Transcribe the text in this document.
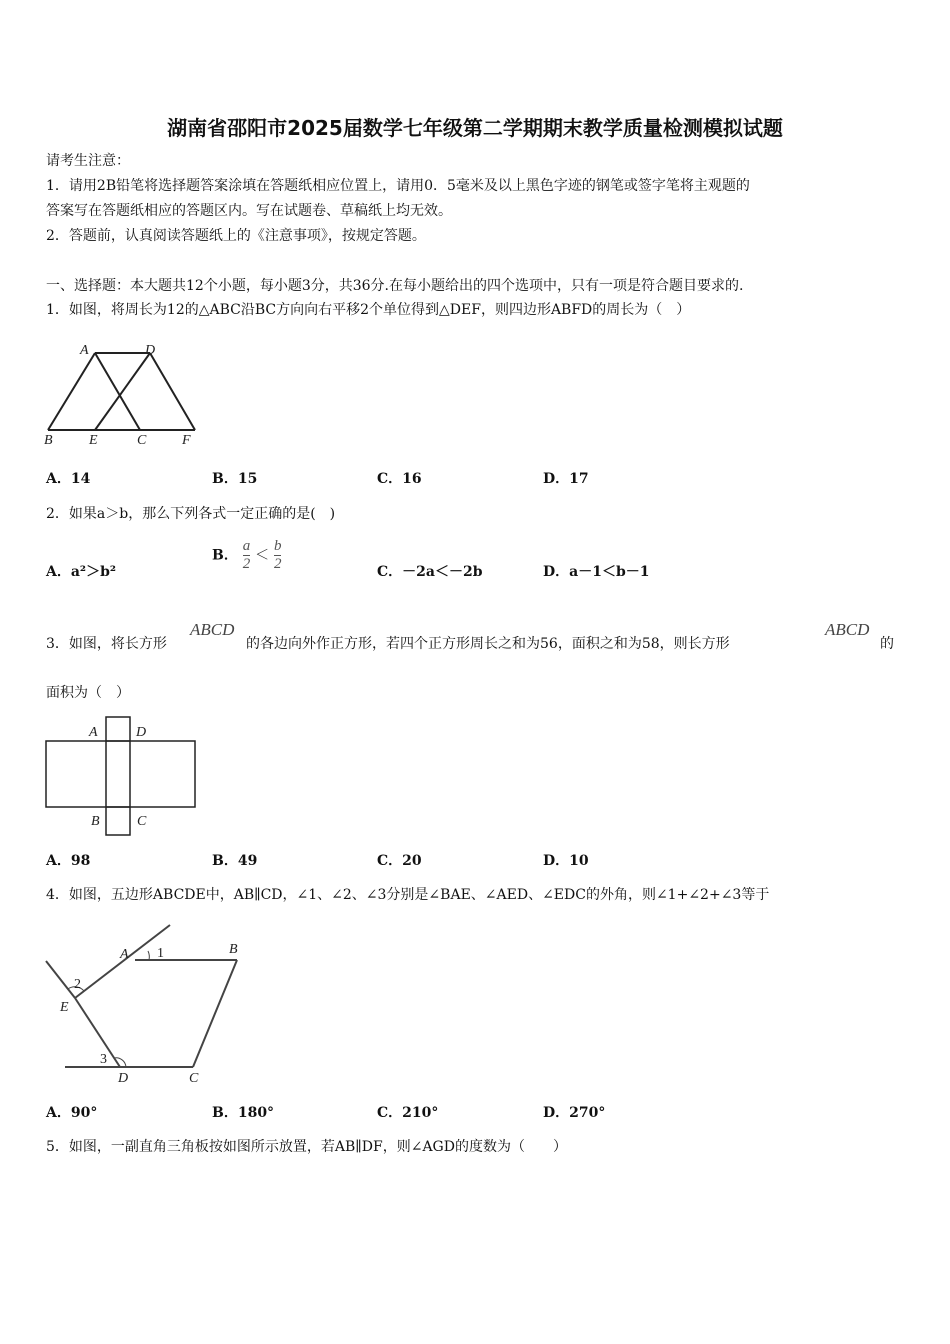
湖南省邵阳市2025届数学七年级第二学期期末教学质量检测模拟试题
请考生注意：
1．请用2B铅笔将选择题答案涂填在答题纸相应位置上，请用0．5毫米及以上黑色字迹的钢笔或签字笔将主观题的
答案写在答题纸相应的答题区内。写在试题卷、草稿纸上均无效。
2．答题前，认真阅读答题纸上的《注意事项》，按规定答题。
一、选择题：本大题共12个小题，每小题3分，共36分.在每小题给出的四个选项中，只有一项是符合题目要求的.
1．如图，将周长为12的△ABC沿BC方向向右平移2个单位得到△DEF，则四边形ABFD的周长为（　）
A	D
B	E	C	F
A．14	B．15	C．16	D．17
2．如果a＞b，那么下列各式一定正确的是(　)
A．a²＞b²
B． $\frac{a}{2} < \frac{b}{2}$	C．－2a＜－2b	D．a－1＜b－1
3．如图，将长方形
ABCD
的各边向外作正方形，若四个正方形周长之和为56，面积之和为58，则长方形
ABCD
的
面积为（　）
A	D
B	C
A．98	B．49	C．20	D．10
4．如图，五边形ABCDE中，AB∥CD，∠1、∠2、∠3分别是∠BAE、∠AED、∠EDC的外角，则∠1+∠2+∠3等于
A 1	B
2
E
3
D	C
A．90°	B．180°	C．210°	D．270°
5．如图，一副直角三角板按如图所示放置，若AB∥DF，则∠AGD的度数为（　　）
